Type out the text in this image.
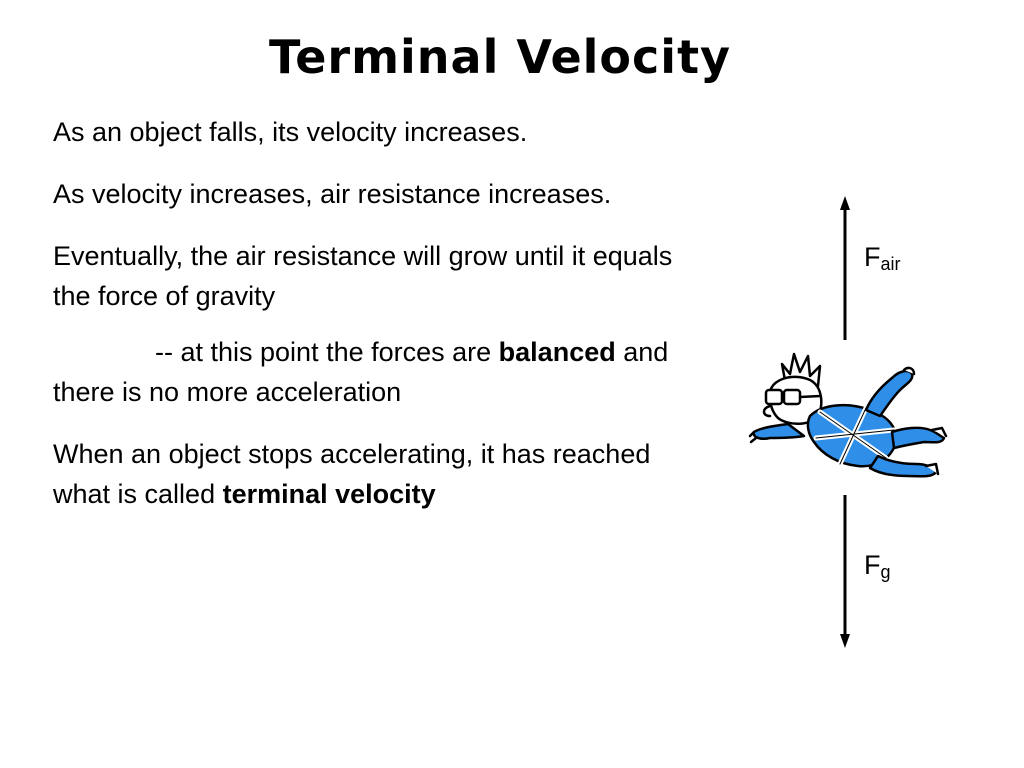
Terminal Velocity

As an object falls, its velocity increases.

As velocity increases, air resistance increases.

Eventually, the air resistance will grow until it equals the force of gravity

-- at this point the forces are balanced and there is no more acceleration

When an object stops accelerating, it has reached what is called terminal velocity

$F_{air}$
$F_g$
